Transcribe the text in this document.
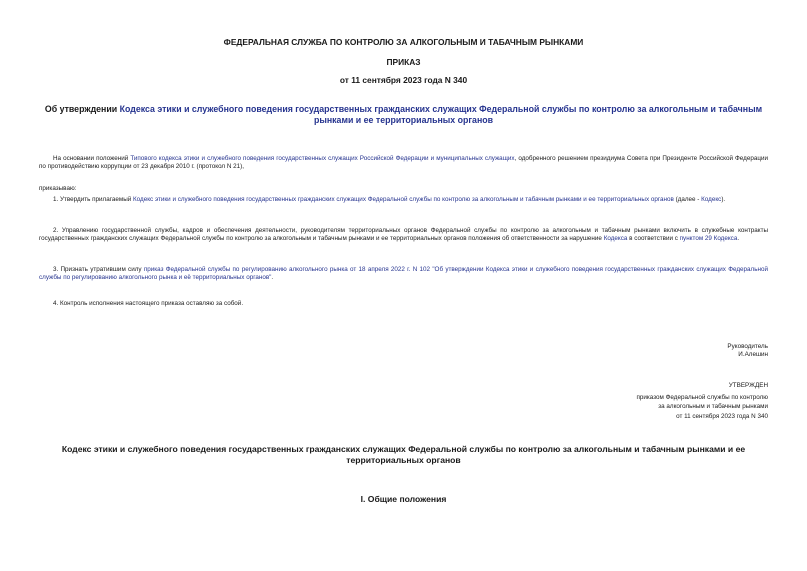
ФЕДЕРАЛЬНАЯ СЛУЖБА ПО КОНТРОЛЮ ЗА АЛКОГОЛЬНЫМ И ТАБАЧНЫМ РЫНКАМИ
ПРИКАЗ
от 11 сентября 2023 года N 340
Об утверждении Кодекса этики и служебного поведения государственных гражданских служащих Федеральной службы по контролю за алкогольным и табачным рынками и ее территориальных органов
На основании положений Типового кодекса этики и служебного поведения государственных служащих Российской Федерации и муниципальных служащих, одобренного решением президиума Совета при Президенте Российской Федерации по противодействию коррупции от 23 декабря 2010 г. (протокол N 21),
приказываю:
1. Утвердить прилагаемый Кодекс этики и служебного поведения государственных гражданских служащих Федеральной службы по контролю за алкогольным и табачным рынками и ее территориальных органов (далее - Кодекс).
2. Управлению государственной службы, кадров и обеспечения деятельности, руководителям территориальных органов Федеральной службы по контролю за алкогольным и табачным рынками включить в служебные контракты государственных гражданских служащих Федеральной службы по контролю за алкогольным и табачным рынками и ее территориальных органов положения об ответственности за нарушение Кодекса в соответствии с пунктом 29 Кодекса.
3. Признать утратившим силу приказ Федеральной службы по регулированию алкогольного рынка от 18 апреля 2022 г. N 102 "Об утверждении Кодекса этики и служебного поведения государственных гражданских служащих Федеральной службы по регулированию алкогольного рынка и её территориальных органов".
4. Контроль исполнения настоящего приказа оставляю за собой.
Руководитель
И.Алешин
УТВЕРЖДЕН
приказом Федеральной службы по контролю
за алкогольным и табачным рынками
от 11 сентября 2023 года N 340
Кодекс этики и служебного поведения государственных гражданских служащих Федеральной службы по контролю за алкогольным и табачным рынками и ее территориальных органов
I. Общие положения
